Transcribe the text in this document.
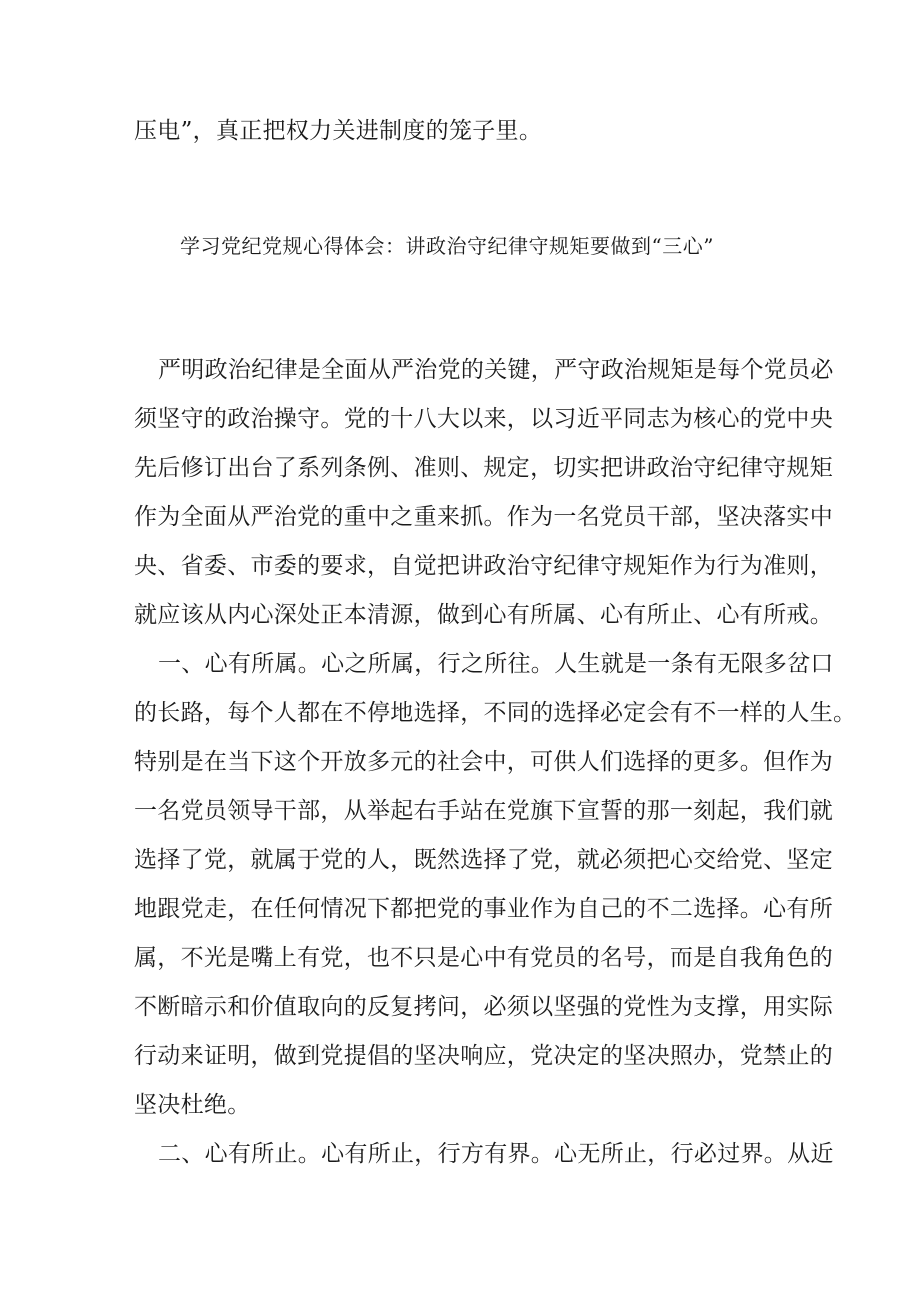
压电”，真正把权力关进制度的笼子里。
学习党纪党规心得体会：讲政治守纪律守规矩要做到“三心”
严明政治纪律是全面从严治党的关键，严守政治规矩是每个党员必
须坚守的政治操守。党的十八大以来，以习近平同志为核心的党中央
先后修订出台了系列条例、准则、规定，切实把讲政治守纪律守规矩
作为全面从严治党的重中之重来抓。作为一名党员干部，坚决落实中
央、省委、市委的要求，自觉把讲政治守纪律守规矩作为行为准则，
就应该从内心深处正本清源，做到心有所属、心有所止、心有所戒。
一、心有所属。心之所属，行之所往。人生就是一条有无限多岔口
的长路，每个人都在不停地选择，不同的选择必定会有不一样的人生。
特别是在当下这个开放多元的社会中，可供人们选择的更多。但作为
一名党员领导干部，从举起右手站在党旗下宣誓的那一刻起，我们就
选择了党，就属于党的人，既然选择了党，就必须把心交给党、坚定
地跟党走，在任何情况下都把党的事业作为自己的不二选择。心有所
属，不光是嘴上有党，也不只是心中有党员的名号，而是自我角色的
不断暗示和价值取向的反复拷问，必须以坚强的党性为支撑，用实际
行动来证明，做到党提倡的坚决响应，党决定的坚决照办，党禁止的
坚决杜绝。
二、心有所止。心有所止，行方有界。心无所止，行必过界。从近
